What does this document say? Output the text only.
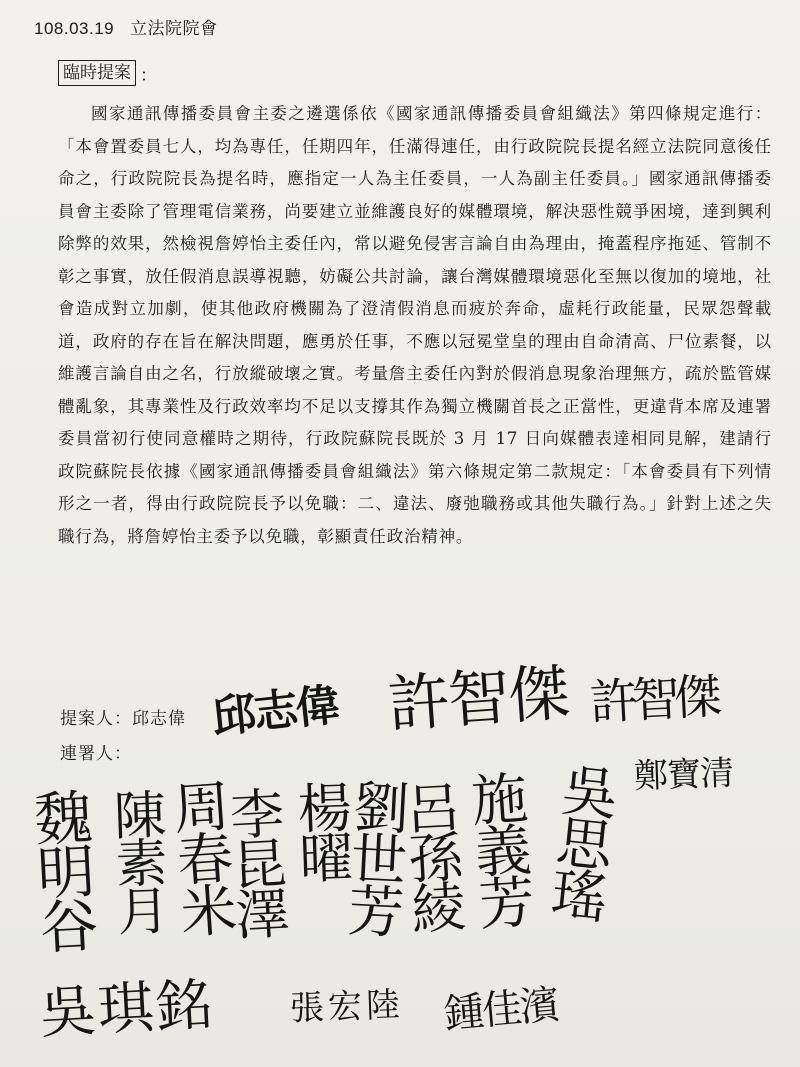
108.03.19 立法院院會
臨時提案 ：

國家通訊傳播委員會主委之遴選係依《國家通訊傳播委員會組織法》第四條規定進行：「本會置委員七人，均為專任，任期四年，任滿得連任，由行政院院長提名經立法院同意後任命之，行政院院長為提名時，應指定一人為主任委員，一人為副主任委員。」國家通訊傳播委員會主委除了管理電信業務，尚要建立並維護良好的媒體環境，解決惡性競爭困境，達到興利除弊的效果，然檢視詹婷怡主委任內，常以避免侵害言論自由為理由，掩蓋程序拖延、管制不彰之事實，放任假消息誤導視聽，妨礙公共討論，讓台灣媒體環境惡化至無以復加的境地，社會造成對立加劇，使其他政府機關為了澄清假消息而疲於奔命，虛耗行政能量，民眾怨聲載道，政府的存在旨在解決問題，應勇於任事，不應以冠冕堂皇的理由自命清高、尸位素餐，以維護言論自由之名，行放縱破壞之實。考量詹主委任內對於假消息現象治理無方，疏於監管媒體亂象，其專業性及行政效率均不足以支撐其作為獨立機關首長之正當性，更違背本席及連署委員當初行使同意權時之期待，行政院蘇院長既於 3 月 17 日向媒體表達相同見解，建請行政院蘇院長依據《國家通訊傳播委員會組織法》第六條規定第二款規定：「本會委員有下列情形之一者，得由行政院院長予以免職：二、違法、廢弛職務或其他失職行為。」針對上述之失職行為，將詹婷怡主委予以免職，彰顯責任政治精神。

提案人：邱志偉 邱志偉
連署人：
許智傑 許智傑
鄭寶清
魏明谷 陳素月
周春米
李昆澤
楊曜
劉世芳
呂孫綾
施義芳 吳思瑤
吳琪銘 張宏陸 鍾佳濱
